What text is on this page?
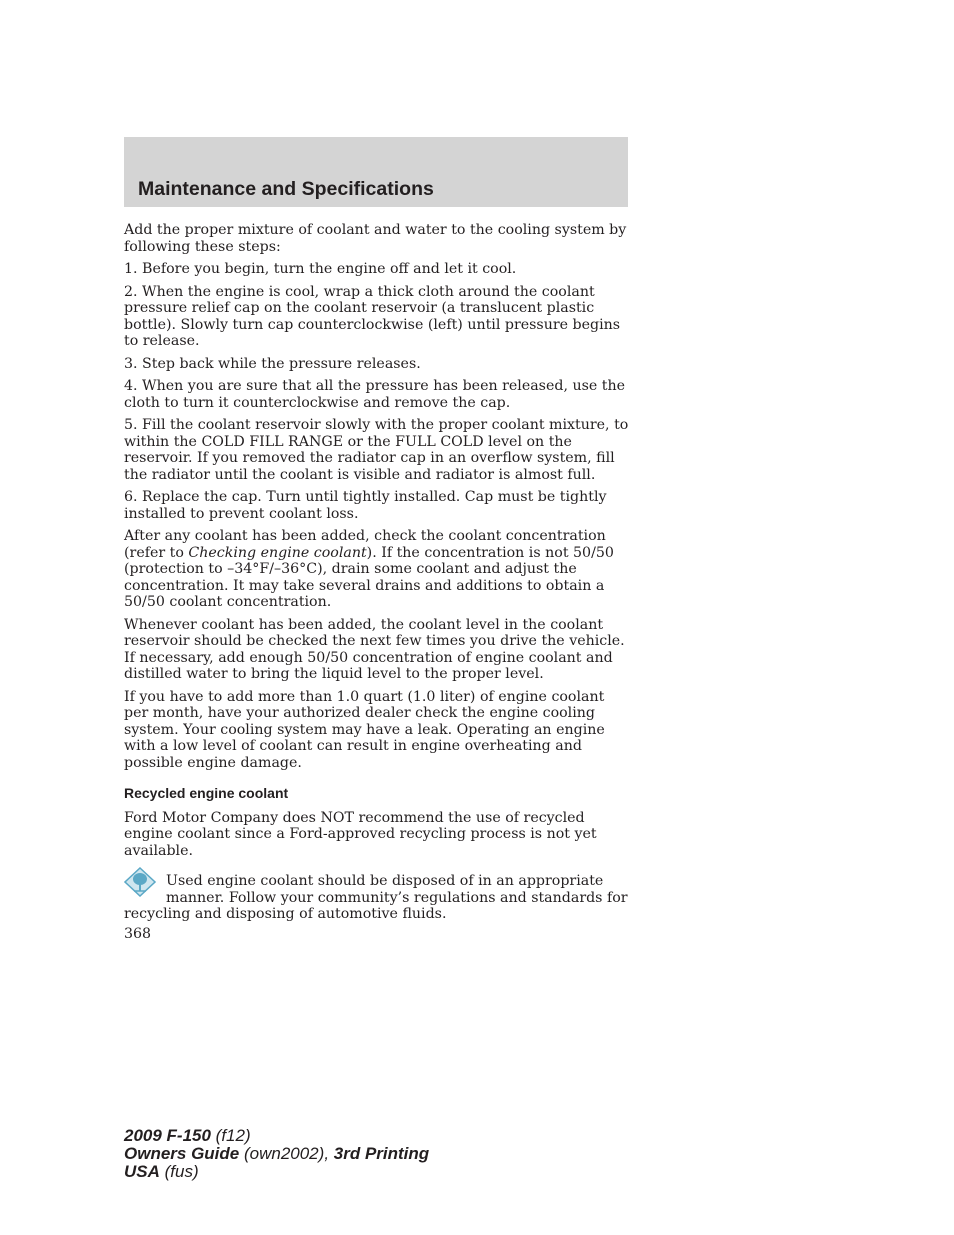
Maintenance and Specifications

Add the proper mixture of coolant and water to the cooling system by following these steps:

1. Before you begin, turn the engine off and let it cool.

2. When the engine is cool, wrap a thick cloth around the coolant pressure relief cap on the coolant reservoir (a translucent plastic bottle). Slowly turn cap counterclockwise (left) until pressure begins to release.

3. Step back while the pressure releases.

4. When you are sure that all the pressure has been released, use the cloth to turn it counterclockwise and remove the cap.

5. Fill the coolant reservoir slowly with the proper coolant mixture, to within the COLD FILL RANGE or the FULL COLD level on the reservoir. If you removed the radiator cap in an overflow system, fill the radiator until the coolant is visible and radiator is almost full.

6. Replace the cap. Turn until tightly installed. Cap must be tightly installed to prevent coolant loss.

After any coolant has been added, check the coolant concentration (refer to Checking engine coolant). If the concentration is not 50/50 (protection to –34°F/–36°C), drain some coolant and adjust the concentration. It may take several drains and additions to obtain a 50/50 coolant concentration.

Whenever coolant has been added, the coolant level in the coolant reservoir should be checked the next few times you drive the vehicle. If necessary, add enough 50/50 concentration of engine coolant and distilled water to bring the liquid level to the proper level.

If you have to add more than 1.0 quart (1.0 liter) of engine coolant per month, have your authorized dealer check the engine cooling system. Your cooling system may have a leak. Operating an engine with a low level of coolant can result in engine overheating and possible engine damage.

Recycled engine coolant

Ford Motor Company does NOT recommend the use of recycled engine coolant since a Ford-approved recycling process is not yet available.

Used engine coolant should be disposed of in an appropriate manner. Follow your community’s regulations and standards for recycling and disposing of automotive fluids.

368
2009 F-150 (f12)
Owners Guide (own2002), 3rd Printing
USA (fus)
